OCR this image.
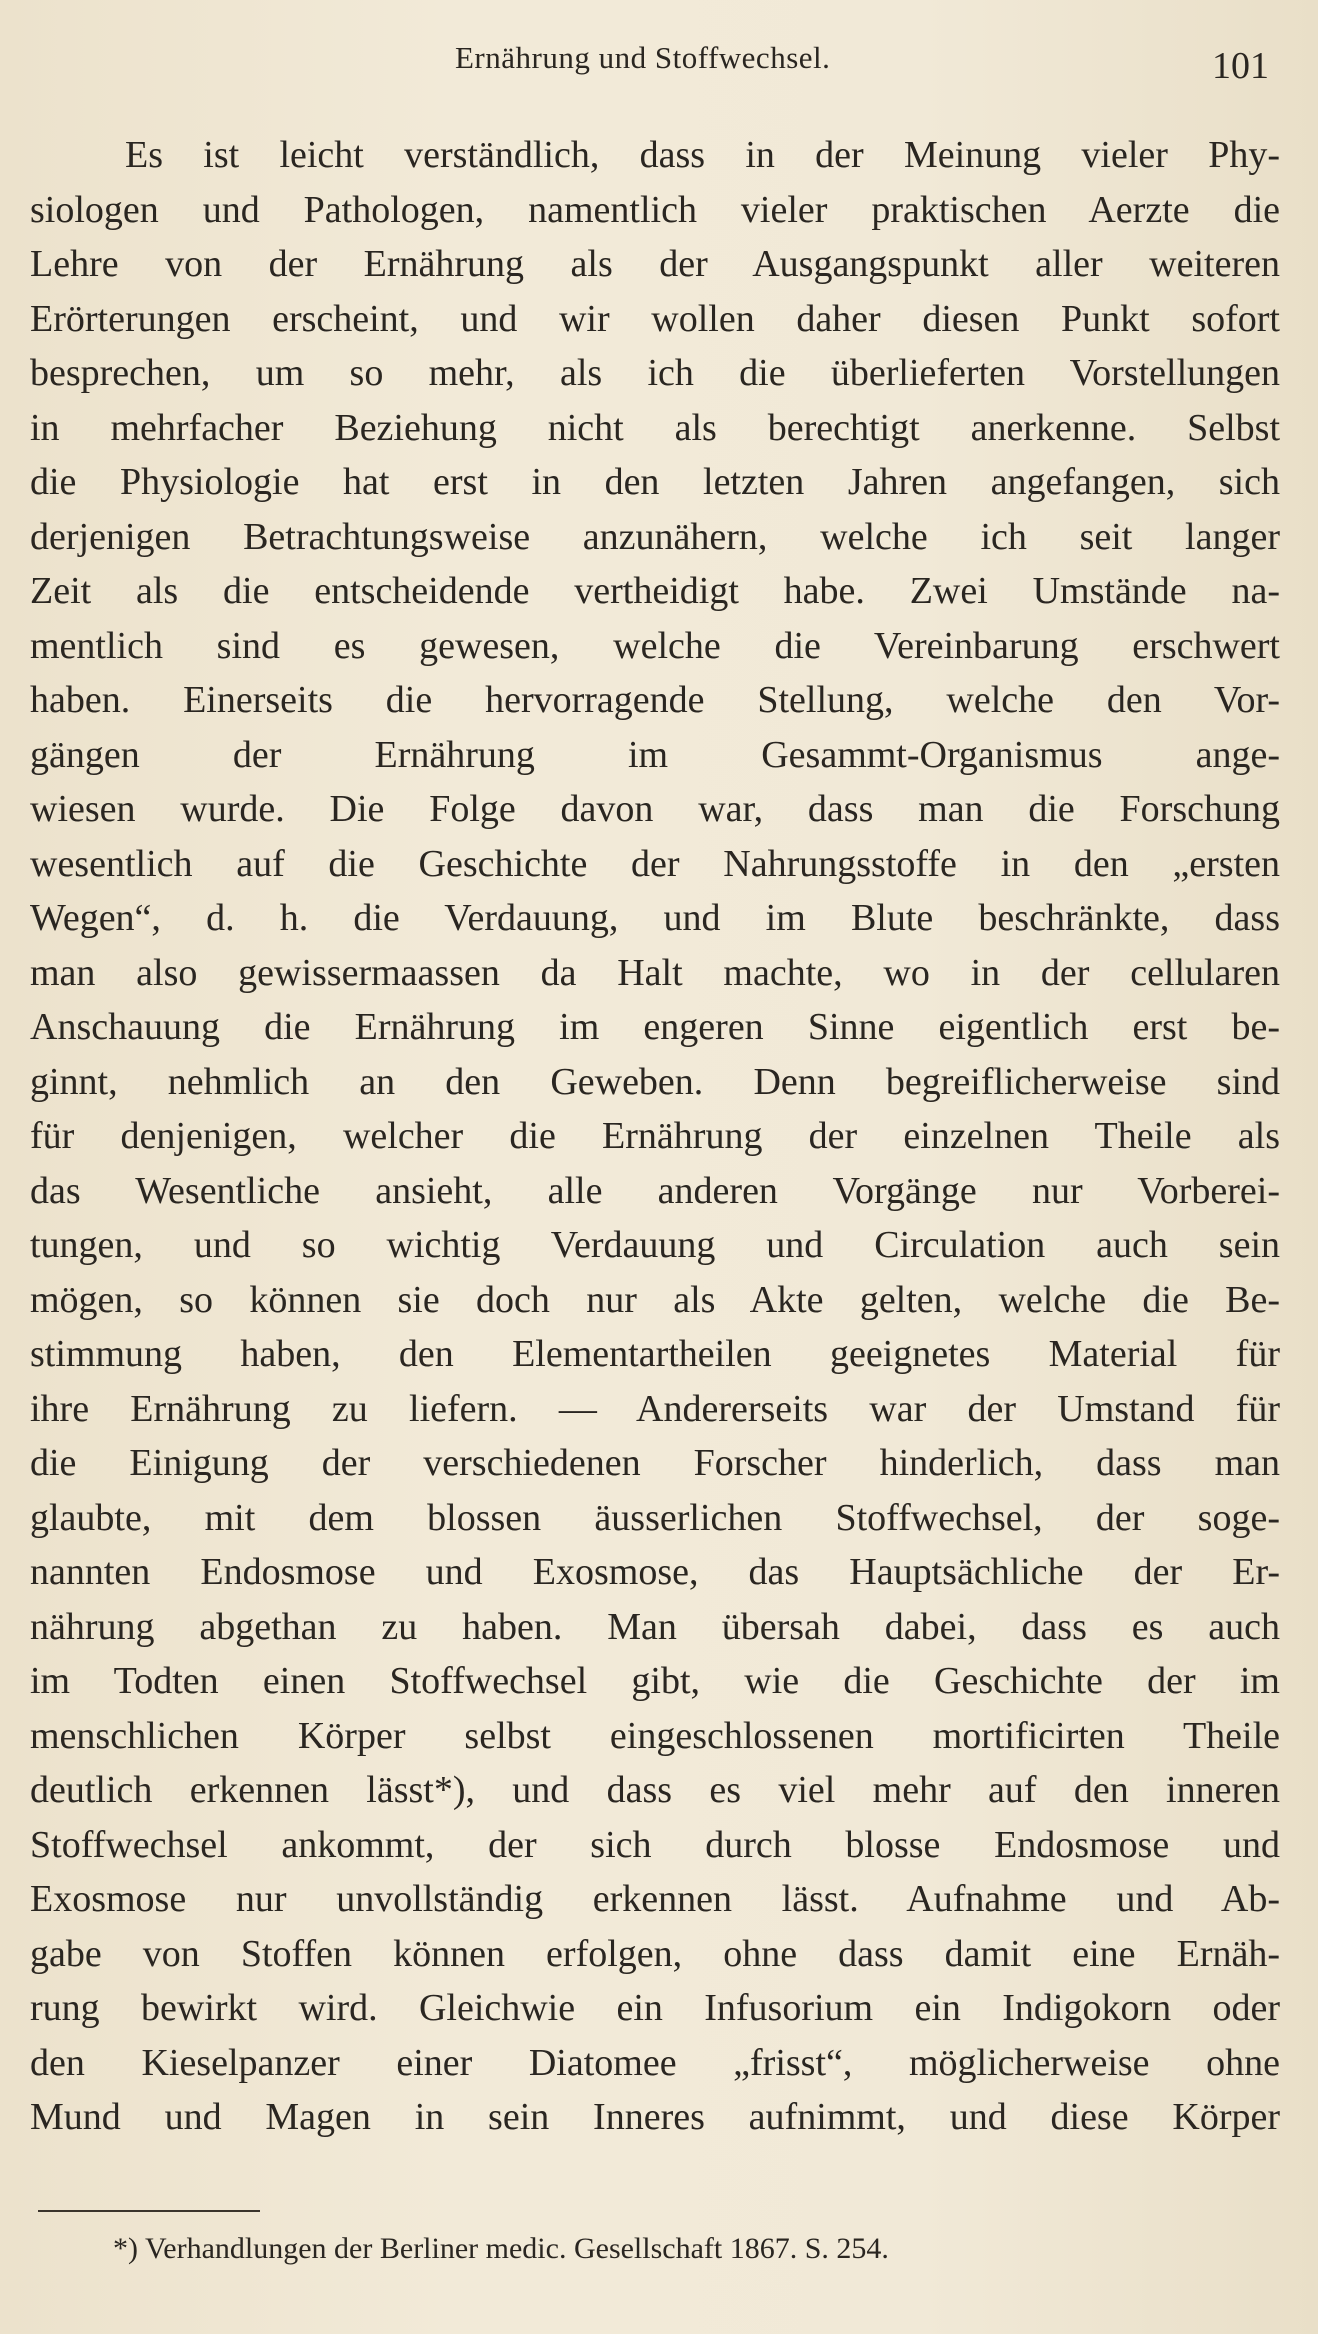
Ernährung und Stoffwechsel.	101
Es ist leicht verständlich, dass in der Meinung vieler Phy-
siologen und Pathologen, namentlich vieler praktischen Aerzte die
Lehre von der Ernährung als der Ausgangspunkt aller weiteren
Erörterungen erscheint, und wir wollen daher diesen Punkt sofort
besprechen, um so mehr, als ich die überlieferten Vorstellungen
in mehrfacher Beziehung nicht als berechtigt anerkenne. Selbst
die Physiologie hat erst in den letzten Jahren angefangen, sich
derjenigen Betrachtungsweise anzunähern, welche ich seit langer
Zeit als die entscheidende vertheidigt habe. Zwei Umstände na-
mentlich sind es gewesen, welche die Vereinbarung erschwert
haben. Einerseits die hervorragende Stellung, welche den Vor-
gängen der Ernährung im Gesammt-Organismus ange-
wiesen wurde. Die Folge davon war, dass man die Forschung
wesentlich auf die Geschichte der Nahrungsstoffe in den „ersten
Wegen“, d. h. die Verdauung, und im Blute beschränkte, dass
man also gewissermaassen da Halt machte, wo in der cellularen
Anschauung die Ernährung im engeren Sinne eigentlich erst be-
ginnt, nehmlich an den Geweben. Denn begreiflicherweise sind
für denjenigen, welcher die Ernährung der einzelnen Theile als
das Wesentliche ansieht, alle anderen Vorgänge nur Vorberei-
tungen, und so wichtig Verdauung und Circulation auch sein
mögen, so können sie doch nur als Akte gelten, welche die Be-
stimmung haben, den Elementartheilen geeignetes Material für
ihre Ernährung zu liefern. — Andererseits war der Umstand für
die Einigung der verschiedenen Forscher hinderlich, dass man
glaubte, mit dem blossen äusserlichen Stoffwechsel, der soge-
nannten Endosmose und Exosmose, das Hauptsächliche der Er-
nährung abgethan zu haben. Man übersah dabei, dass es auch
im Todten einen Stoffwechsel gibt, wie die Geschichte der im
menschlichen Körper selbst eingeschlossenen mortificirten Theile
deutlich erkennen lässt*), und dass es viel mehr auf den inneren
Stoffwechsel ankommt, der sich durch blosse Endosmose und
Exosmose nur unvollständig erkennen lässt. Aufnahme und Ab-
gabe von Stoffen können erfolgen, ohne dass damit eine Ernäh-
rung bewirkt wird. Gleichwie ein Infusorium ein Indigokorn oder
den Kieselpanzer einer Diatomee „frisst“, möglicherweise ohne
Mund und Magen in sein Inneres aufnimmt, und diese Körper
*) Verhandlungen der Berliner medic. Gesellschaft 1867. S. 254.
